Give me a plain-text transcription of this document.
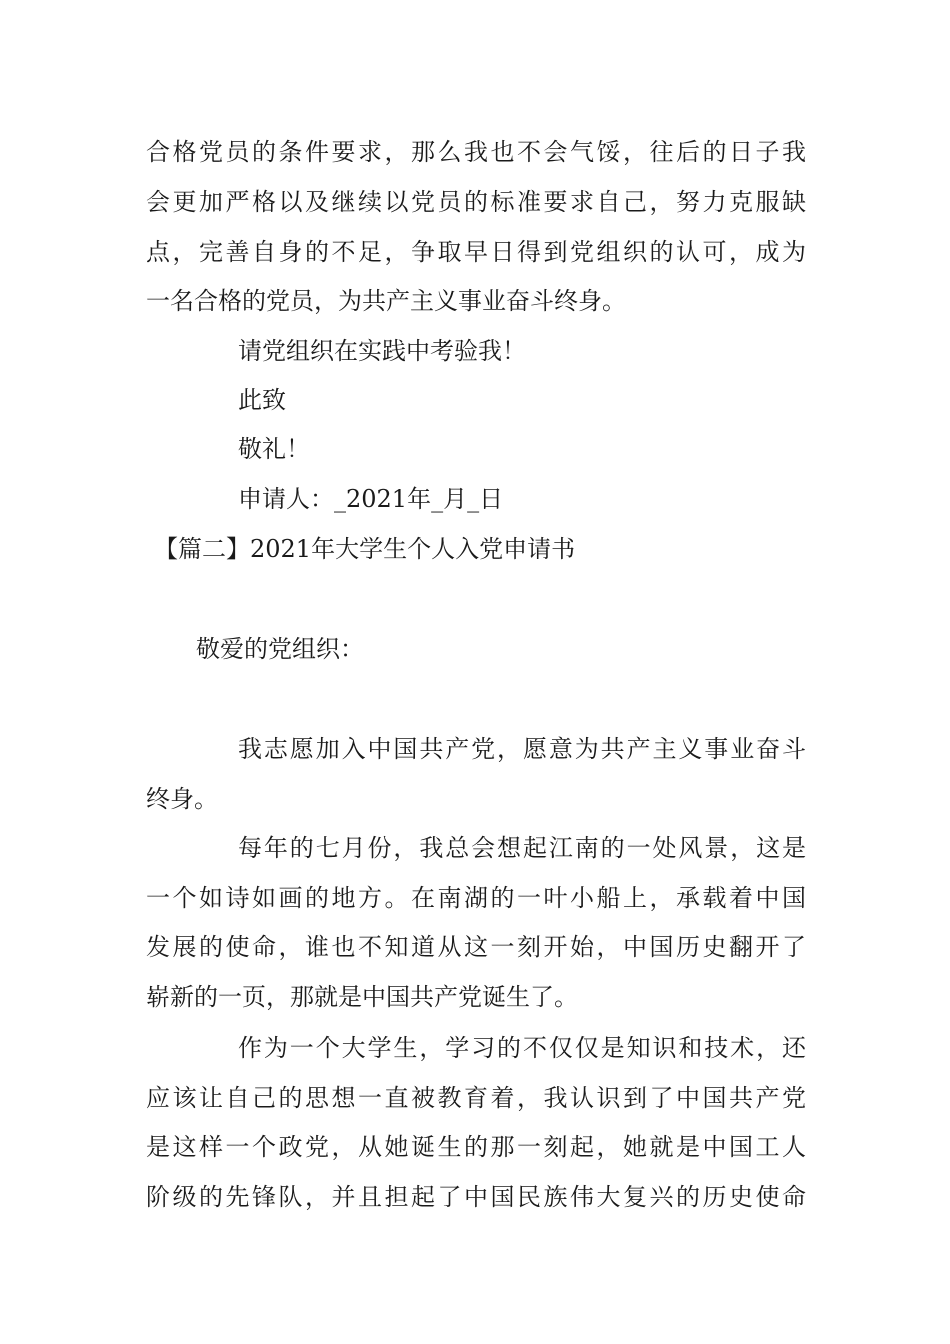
合格党员的条件要求，那么我也不会气馁，往后的日子我
会更加严格以及继续以党员的标准要求自己，努力克服缺
点，完善自身的不足，争取早日得到党组织的认可，成为
一名合格的党员，为共产主义事业奋斗终身。
请党组织在实践中考验我！
此致
敬礼！
申请人：_2021年_月_日
【篇二】2021年大学生个人入党申请书
敬爱的党组织：
我志愿加入中国共产党，愿意为共产主义事业奋斗
终身。
每年的七月份，我总会想起江南的一处风景，这是
一个如诗如画的地方。在南湖的一叶小船上，承载着中国
发展的使命，谁也不知道从这一刻开始，中国历史翻开了
崭新的一页，那就是中国共产党诞生了。
作为一个大学生，学习的不仅仅是知识和技术，还
应该让自己的思想一直被教育着，我认识到了中国共产党
是这样一个政党，从她诞生的那一刻起，她就是中国工人
阶级的先锋队，并且担起了中国民族伟大复兴的历史使命
